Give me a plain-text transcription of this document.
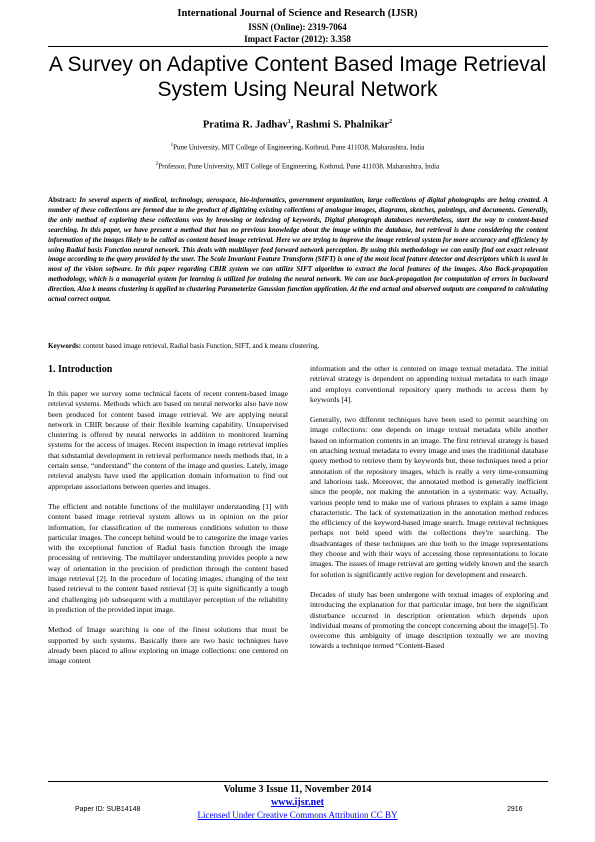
International Journal of Science and Research (IJSR)
ISSN (Online): 2319-7064
Impact Factor (2012): 3.358
A Survey on Adaptive Content Based Image Retrieval System Using Neural Network
Pratima R. Jadhav$^1$, Rashmi S. Phalnikar$^2$
$^1$Pune University, MIT College of Engineering, Kothrud, Pune 411038, Maharashtra, India
$^2$Professor, Pune University, MIT College of Engineering, Kothrud, Pune 411038, Maharashtra, India
Abstract: In several aspects of medical, technology, aerospace, bio-informatics, government organization, large collections of digital photographs are being created. A number of these collections are formed due to the product of digitizing existing collections of analogue images, diagrams, sketches, paintings, and documents. Generally, the only method of exploring these collections was by browsing or indexing of keywords, Digital photograph databases nevertheless, start the way to content-based searching. In this paper, we have present a method that has no previous knowledge about the image within the database, but retrieval is done considering the content information of the images likely to be called as content based image retrieval. Here we are trying to improve the image retrieval system for more accuracy and efficiency by using Radial basis Function neural network. This deals with multilayer feed forward network perception. By using this methodology we can easily find out exact relevant image according to the query provided by the user. The Scale Invariant Feature Transform (SIFT) is one of the most local feature detector and descriptors which is used in most of the vision software. In this paper regarding CBIR system we can utilize SIFT algorithm to extract the local features of the images. Also Back-propagation methodology, which is a managerial system for learning is utilized for training the neural network. We can use back-propagation for computation of errors in backward direction. Also k means clustering is applied to clustering Parameterize Gaussian function application. At the end actual and observed outputs are compared to calculating actual correct output.
Keywords: content based image retrieval, Radial basis Function, SIFT, and k means clustering.
1. Introduction

In this paper we survey some technical facets of recent content-based image retrieval systems. Methods which are based on neural networks also have now been produced for content based image retrieval. We are applying neural network in CBIR because of their flexible learning capability. Unsupervised clustering is offered by neural networks in addition to monitored learning systems for the access of images. Recent inspection in image retrieval implies that substantial development in retrieval performance needs methods that, in a certain sense, “understand” the content of the image and queries. Lately, image retrieval analysts have used the application domain information to find out appropriate associations between queries and images.

The efficient and notable functions of the multilayer understanding [1] with content based image retrieval system allows us in opinion on the prior information, for classification of the numerous conditions solution to those particular images. The concept behind would be to categorize the image varies with the exceptional function of Radial basis function through the image processing of retrieving. The multilayer understanding provides people a new way of orientation in the precision of prediction through the content based image retrieval [2]. In the procedure of locating images, changing of the text based retrieval to the content based retrieval [3] is quite significantly a tough and challenging job subsequent with a multilayer perception of the reliability in prediction of the provided input image.

Method of Image searching is one of the finest solutions that must be supported by such systems. Basically there are two basic techniques have already been placed to allow exploring on image collections: one centered on image content

information and the other is centered on image textual metadata. The initial retrieval strategy is dependent on appending textual metadata to each image and employs conventional repository query methods to access them by keywords [4].

Generally, two different techniques have been used to permit searching on image collections: one depends on image textual metadata while another based on information contents in an image. The first retrieval strategy is based on attaching textual metadata to every image and uses the traditional database query method to retrieve them by keywords but, these techniques need a prior annotation of the repository images, which is really a very time-consuming and laborious task. Moreover, the annotated method is generally inefficient since the people, not making the annotation in a systematic way. Actually, various people tend to make use of various phrases to explain a same image characteristic. The lack of systematization in the annotation method reduces the efficiency of the keyword-based image search. Image retrieval techniques perhaps not held speed with the collections they're searching. The disadvantages of these techniques are due both to the image representations they choose and with their ways of accessing those representations to locate images. The issues of image retrieval are getting widely known and the search for solution is significantly active region for development and research.

Decades of study has been undergone with textual images of exploring and introducing the explanation for that particular image, but here the significant disturbance occurred in description orientation which depends upon individual means of promoting the concept concerning about the image[5]. To overcome this ambiguity of image description textually we are moving towards a technique termed “Content-Based

Volume 3 Issue 11, November 2014
www.ijsr.net
Licensed Under Creative Commons Attribution CC BY
Paper ID: SUB14148	2916
